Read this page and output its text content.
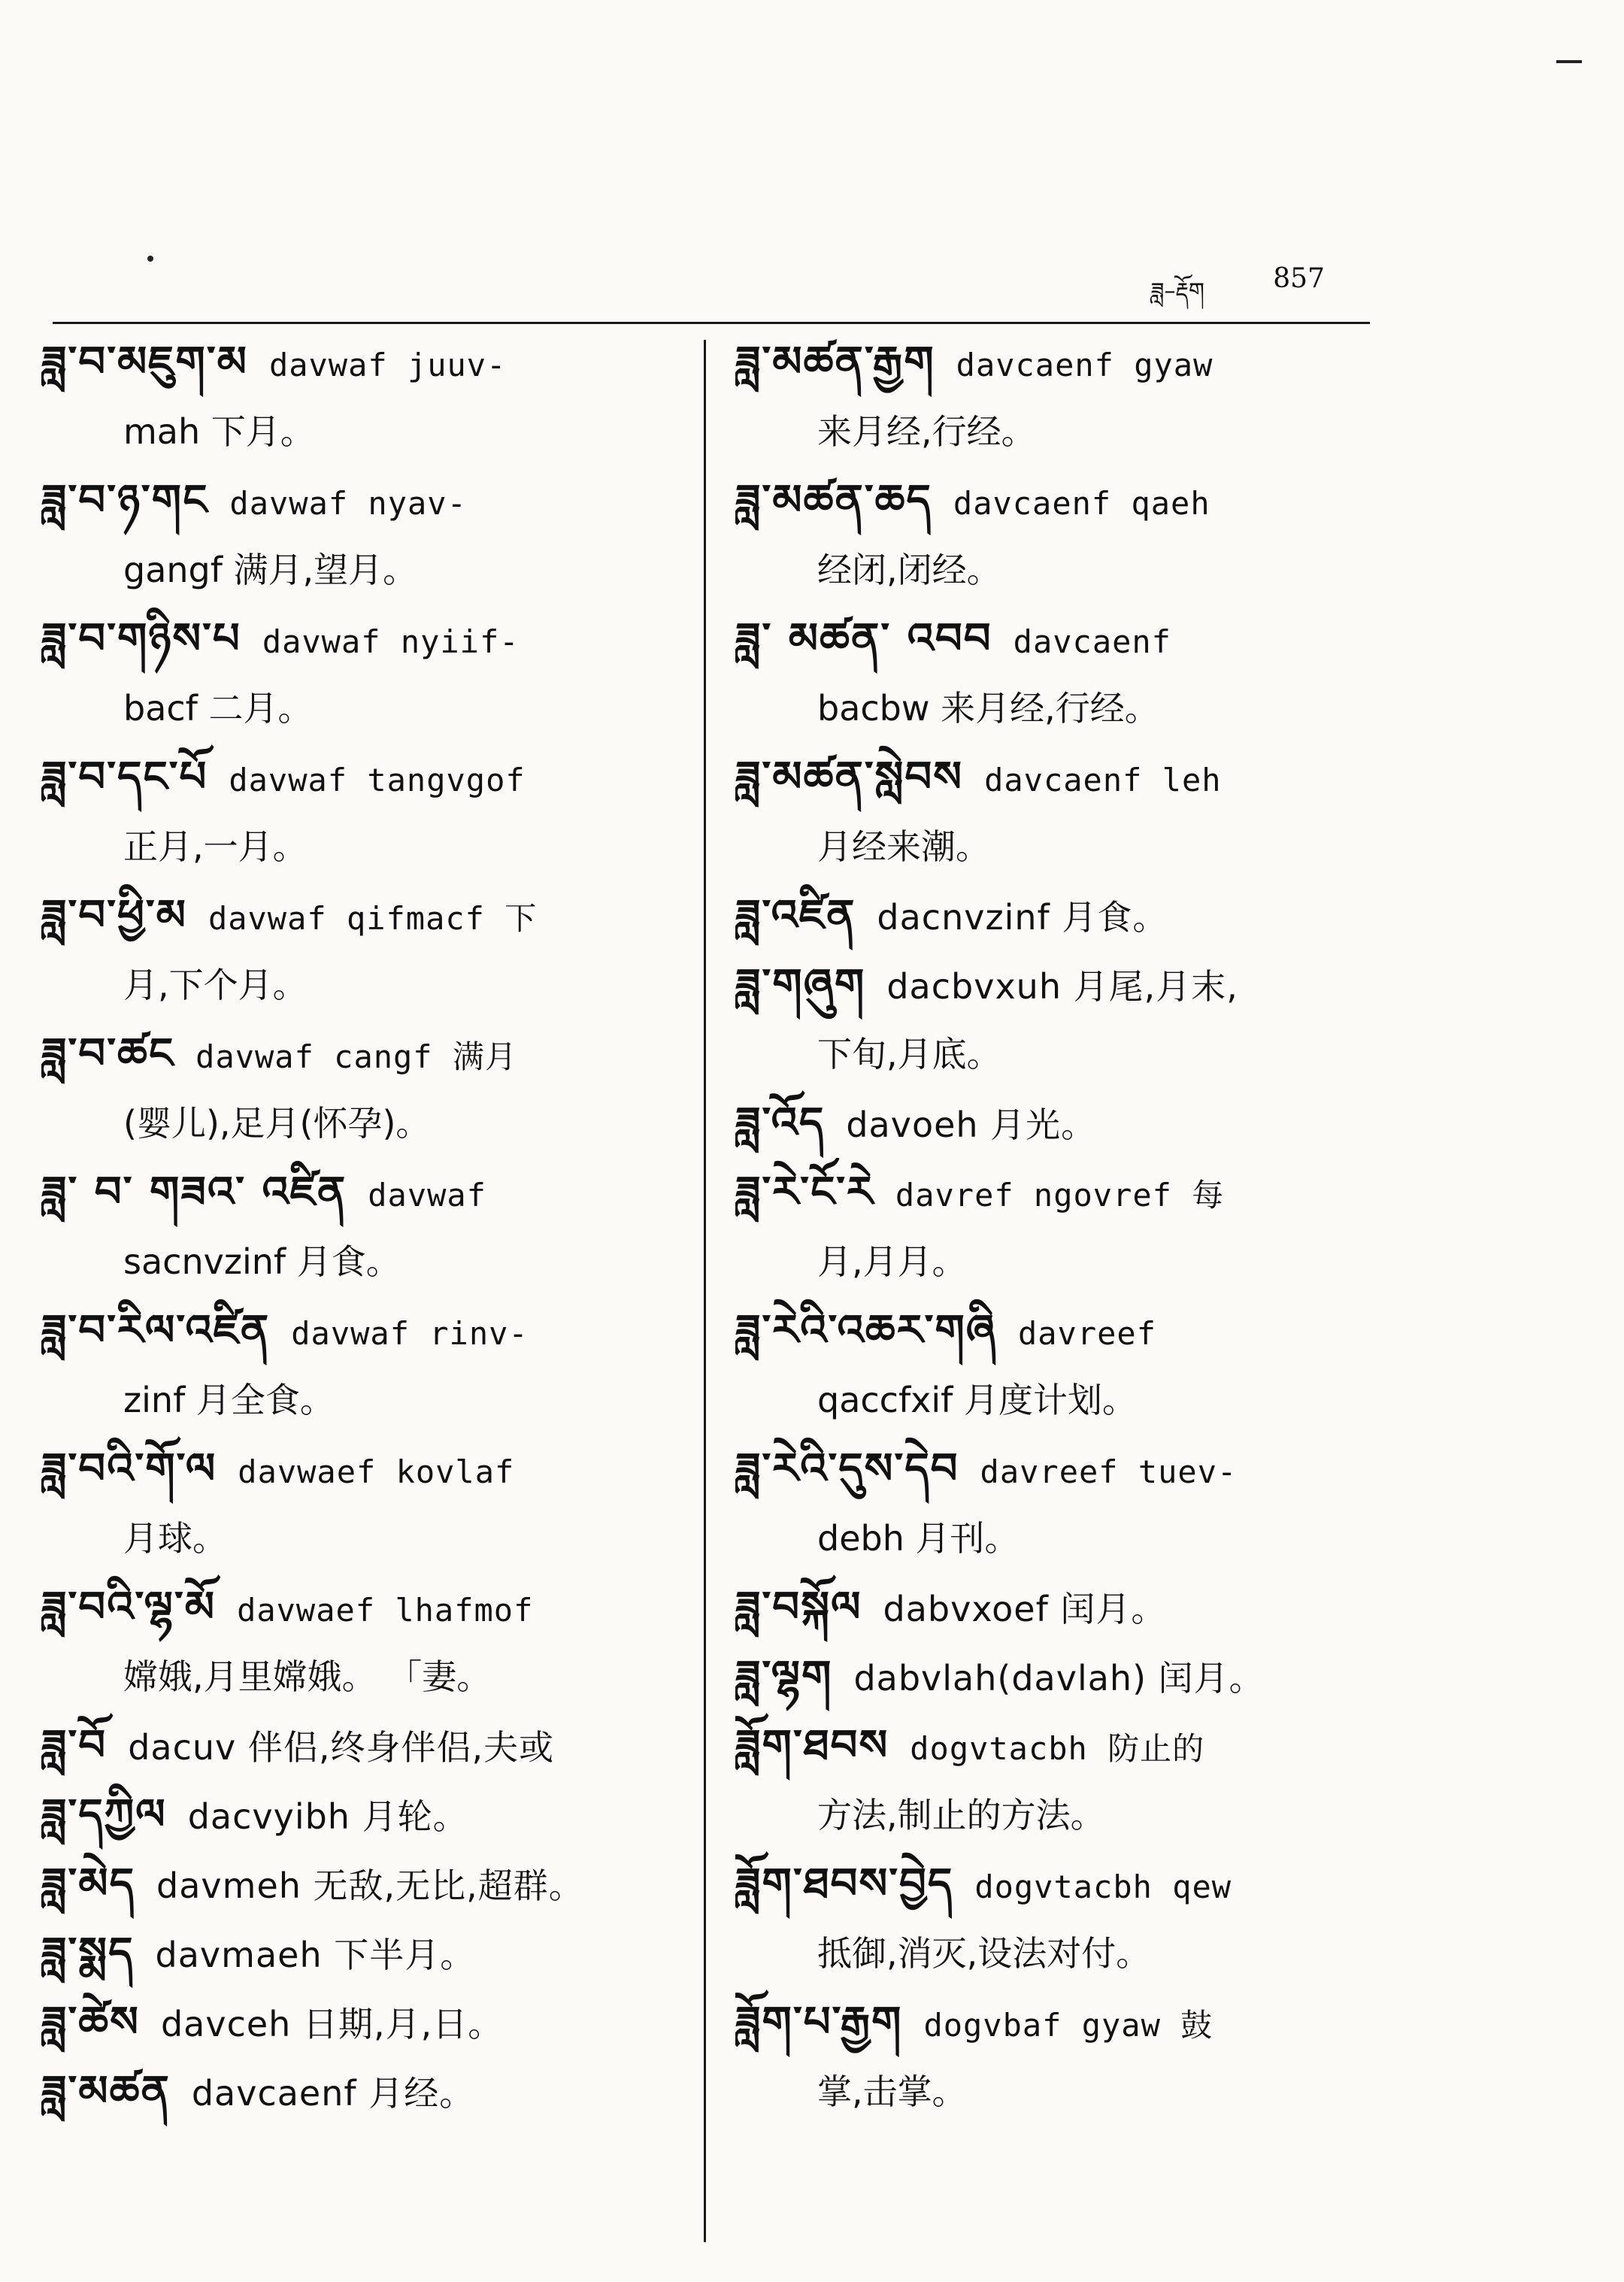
ཟླ–རྡོག	857
ཟླ་བ་མཇུག་མ davwaf juuv-
mah 下月。
ཟླ་བ་ཉ་གང davwaf nyav-
gangf 满月,望月。
ཟླ་བ་གཉིས་པ davwaf nyiif-
bacf 二月。
ཟླ་བ་དང་པོ davwaf tangvgof
正月,一月。
ཟླ་བ་ཕྱི་མ davwaf qifmacf 下
月,下个月。
ཟླ་བ་ཚང davwaf cangf 满月
(婴儿),足月(怀孕)。
ཟླ་ བ་ གཟའ་ འཛིན davwaf
sacnvzinf 月食。
ཟླ་བ་རིལ་འཛིན davwaf rinv-
zinf 月全食。
ཟླ་བའི་གོ་ལ davwaef kovlaf
月球。
ཟླ་བའི་ལྷ་མོ davwaef lhafmof
嫦娥,月里嫦娥。 「妻。
ཟླ་བོ dacuv 伴侣,终身伴侣,夫或
ཟླ་དཀྱིལ dacvyibh 月轮。
ཟླ་མེད davmeh 无敌,无比,超群。
ཟླ་སྨད davmaeh 下半月。
ཟླ་ཚེས davceh 日期,月,日。
ཟླ་མཚན davcaenf 月经。
ཟླ་མཚན་རྒྱག davcaenf gyaw
来月经,行经。
ཟླ་མཚན་ཆད davcaenf qaeh
经闭,闭经。
ཟླ་ མཚན་ འབབ davcaenf
bacbw 来月经,行经。
ཟླ་མཚན་སླེབས davcaenf leh
月经来潮。
ཟླ་འཛིན dacnvzinf 月食。
ཟླ་གཞུག dacbvxuh 月尾,月末,
下旬,月底。
ཟླ་འོད davoeh 月光。
ཟླ་རེ་ངོ་རེ davref ngovref 每
月,月月。
ཟླ་རེའི་འཆར་གཞི davreef
qaccfxif 月度计划。
ཟླ་རེའི་དུས་དེབ davreef tuev-
debh 月刊。
ཟླ་བསྐོལ dabvxoef 闰月。
ཟླ་ལྷག dabvlah(davlah) 闰月。
ཟློག་ཐབས dogvtacbh 防止的
方法,制止的方法。
ཟློག་ཐབས་བྱེད dogvtacbh qew
抵御,消灭,设法对付。
ཟློག་པ་རྒྱག dogvbaf gyaw 鼓
掌,击掌。
